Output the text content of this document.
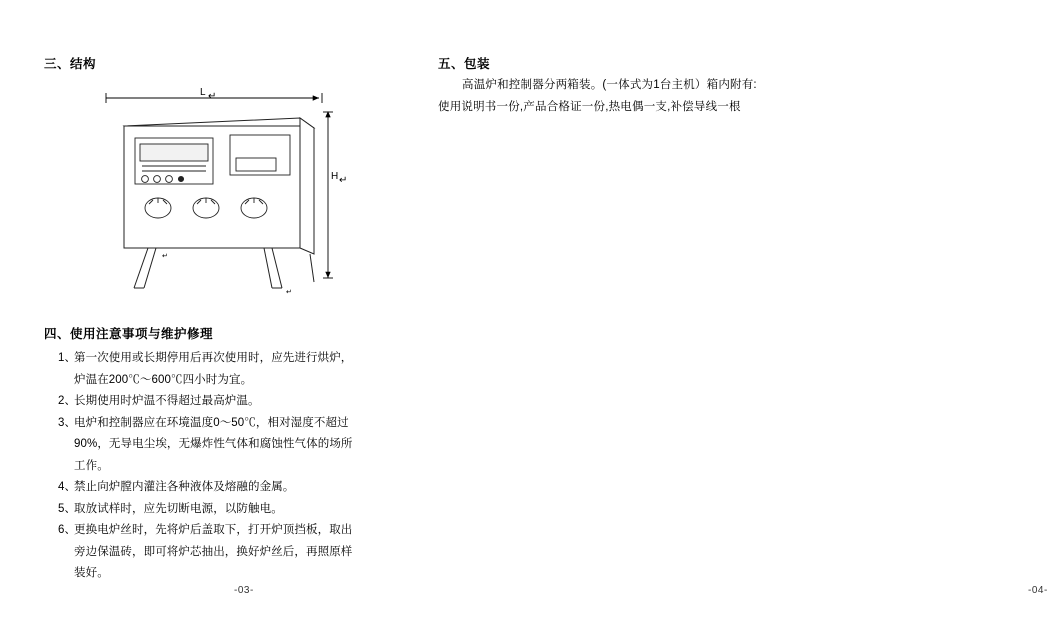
三、结构
L ↵
H ↵
↵
↵
四、使用注意事项与维护修理
1、
第一次使用或长期停用后再次使用时，应先进行烘炉，
炉温在200℃〜600℃四小时为宜。
2、
长期使用时炉温不得超过最高炉温。
3、
电炉和控制器应在环境温度0〜50℃，相对湿度不超过
90%，无导电尘埃，无爆炸性气体和腐蚀性气体的场所
工作。
4、
禁止向炉膛内灌注各种液体及熔融的金属。
5、
取放试样时，应先切断电源，以防触电。
6、
更换电炉丝时，先将炉后盖取下，打开炉顶挡板，取出
旁边保温砖，即可将炉芯抽出，换好炉丝后，再照原样
装好。
-03-
五、包装

高温炉和控制器分两箱装。(一体式为1台主机）箱内附有:

使用说明书一份,产品合格证一份,热电偶一支,补偿导线一根

-04-
